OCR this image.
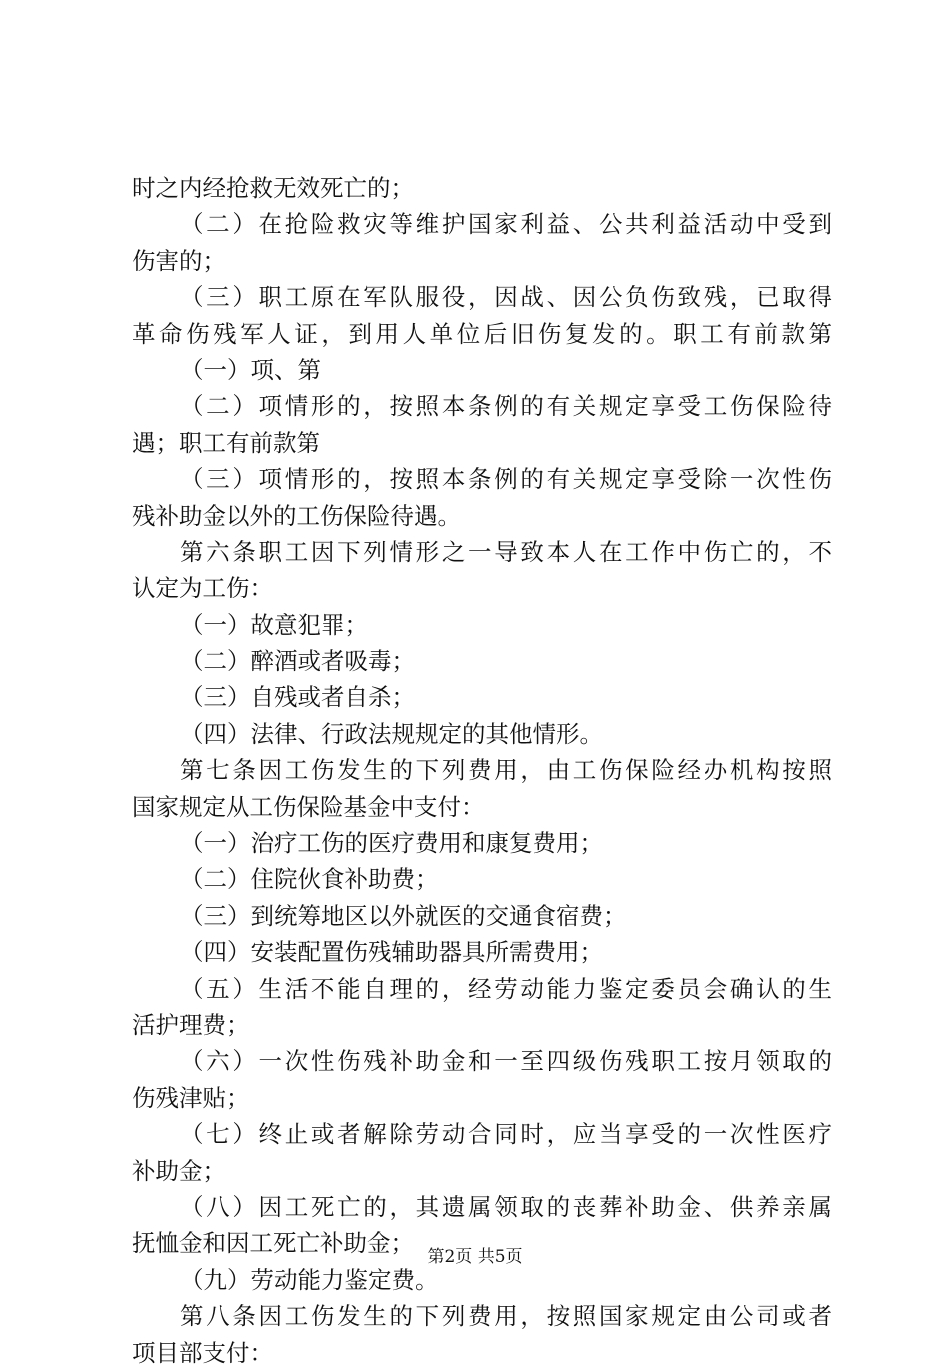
时之内经抢救无效死亡的；
（二）在抢险救灾等维护国家利益、公共利益活动中受到
伤害的；
（三）职工原在军队服役，因战、因公负伤致残，已取得
革命伤残军人证，到用人单位后旧伤复发的。职工有前款第
（一）项、第
（二）项情形的，按照本条例的有关规定享受工伤保险待
遇；职工有前款第
（三）项情形的，按照本条例的有关规定享受除一次性伤
残补助金以外的工伤保险待遇。
第六条职工因下列情形之一导致本人在工作中伤亡的，不
认定为工伤：
（一）故意犯罪；
（二）醉酒或者吸毒；
（三）自残或者自杀；
（四）法律、行政法规规定的其他情形。
第七条因工伤发生的下列费用，由工伤保险经办机构按照
国家规定从工伤保险基金中支付：
（一）治疗工伤的医疗费用和康复费用；
（二）住院伙食补助费；
（三）到统筹地区以外就医的交通食宿费；
（四）安装配置伤残辅助器具所需费用；
（五）生活不能自理的，经劳动能力鉴定委员会确认的生
活护理费；
（六）一次性伤残补助金和一至四级伤残职工按月领取的
伤残津贴；
（七）终止或者解除劳动合同时，应当享受的一次性医疗
补助金；
（八）因工死亡的，其遗属领取的丧葬补助金、供养亲属
抚恤金和因工死亡补助金；
（九）劳动能力鉴定费。
第八条因工伤发生的下列费用，按照国家规定由公司或者
项目部支付：
第2页 共5页
